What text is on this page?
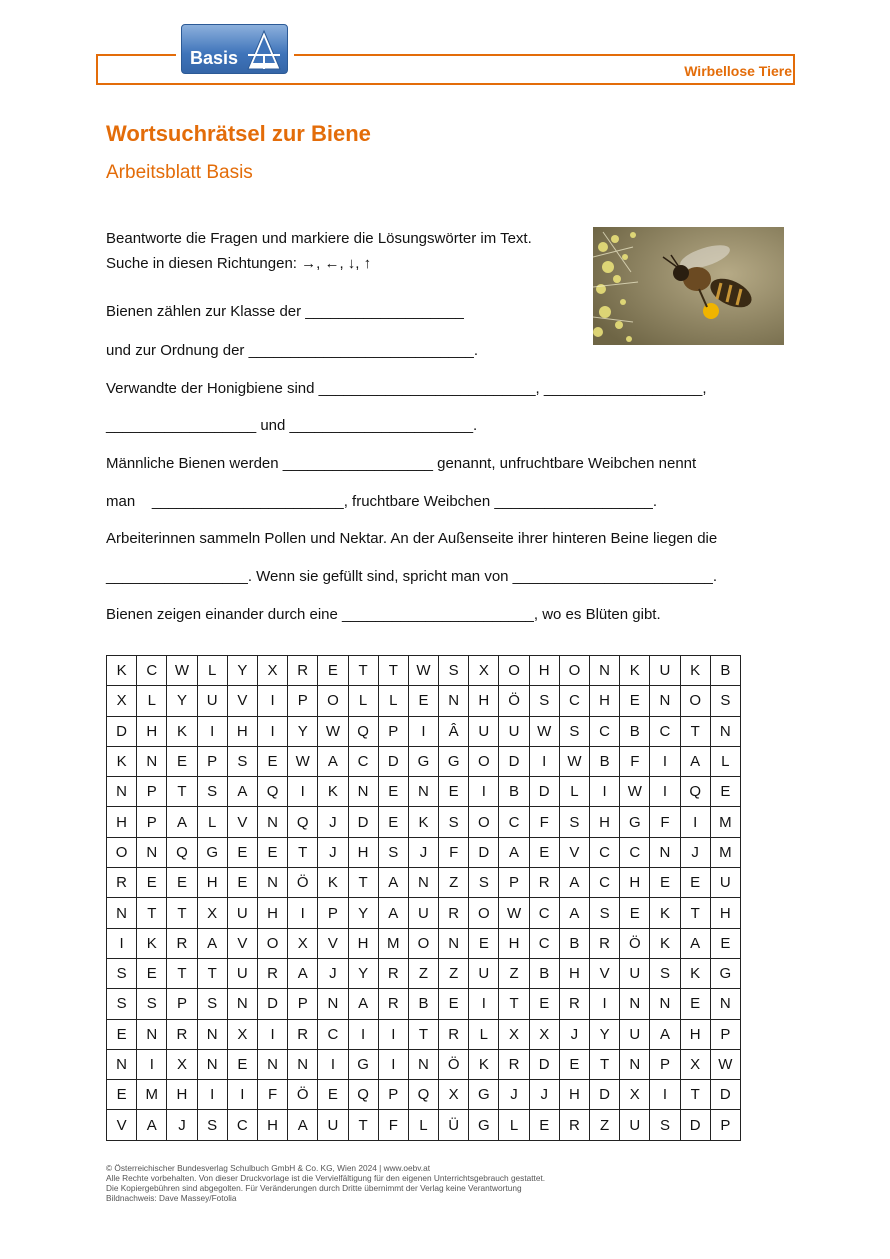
Basis
Wirbellose Tiere
Wortsuchrätsel zur Biene
Arbeitsblatt Basis
Beantworte die Fragen und markiere die Lösungswörter im Text.
Suche in diesen Richtungen: →, ←, ↓, ↑
Bienen zählen zur Klasse der ___________________
und zur Ordnung der ___________________________.
Verwandte der Honigbiene sind __________________________, ___________________,
__________________ und ______________________.
Männliche Bienen werden __________________ genannt, unfruchtbare Weibchen nennt
man    _______________________, fruchtbare Weibchen ___________________.
Arbeiterinnen sammeln Pollen und Nektar. An der Außenseite ihrer hinteren Beine liegen die
_________________. Wenn sie gefüllt sind, spricht man von ________________________.
Bienen zeigen einander durch eine _______________________, wo es Blüten gibt.
K	C	W	L	Y	X	R	E	T	T	W	S	X	O	H	O	N	K	U	K	B
X	L	Y	U	V	I	P	O	L	L	E	N	H	Ö	S	C	H	E	N	O	S
D	H	K	I	H	I	Y	W	Q	P	I	Â	U	U	W	S	C	B	C	T	N
K	N	E	P	S	E	W	A	C	D	G	G	O	D	I	W	B	F	I	A	L
N	P	T	S	A	Q	I	K	N	E	N	E	I	B	D	L	I	W	I	Q	E
H	P	A	L	V	N	Q	J	D	E	K	S	O	C	F	S	H	G	F	I	M
O	N	Q	G	E	E	T	J	H	S	J	F	D	A	E	V	C	C	N	J	M
R	E	E	H	E	N	Ö	K	T	A	N	Z	S	P	R	A	C	H	E	E	U
N	T	T	X	U	H	I	P	Y	A	U	R	O	W	C	A	S	E	K	T	H
I	K	R	A	V	O	X	V	H	M	O	N	E	H	C	B	R	Ö	K	A	E
S	E	T	T	U	R	A	J	Y	R	Z	Z	U	Z	B	H	V	U	S	K	G
S	S	P	S	N	D	P	N	A	R	B	E	I	T	E	R	I	N	N	E	N
E	N	R	N	X	I	R	C	I	I	T	R	L	X	X	J	Y	U	A	H	P
N	I	X	N	E	N	N	I	G	I	N	Ö	K	R	D	E	T	N	P	X	W
E	M	H	I	I	F	Ö	E	Q	P	Q	X	G	J	J	H	D	X	I	T	D
V	A	J	S	C	H	A	U	T	F	L	Ü	G	L	E	R	Z	U	S	D	P
© Österreichischer Bundesverlag Schulbuch GmbH & Co. KG, Wien 2024 | www.oebv.at
Alle Rechte vorbehalten. Von dieser Druckvorlage ist die Vervielfältigung für den eigenen Unterrichtsgebrauch gestattet.
Die Kopiergebühren sind abgegolten. Für Veränderungen durch Dritte übernimmt der Verlag keine Verantwortung
Bildnachweis: Dave Massey/Fotolia
